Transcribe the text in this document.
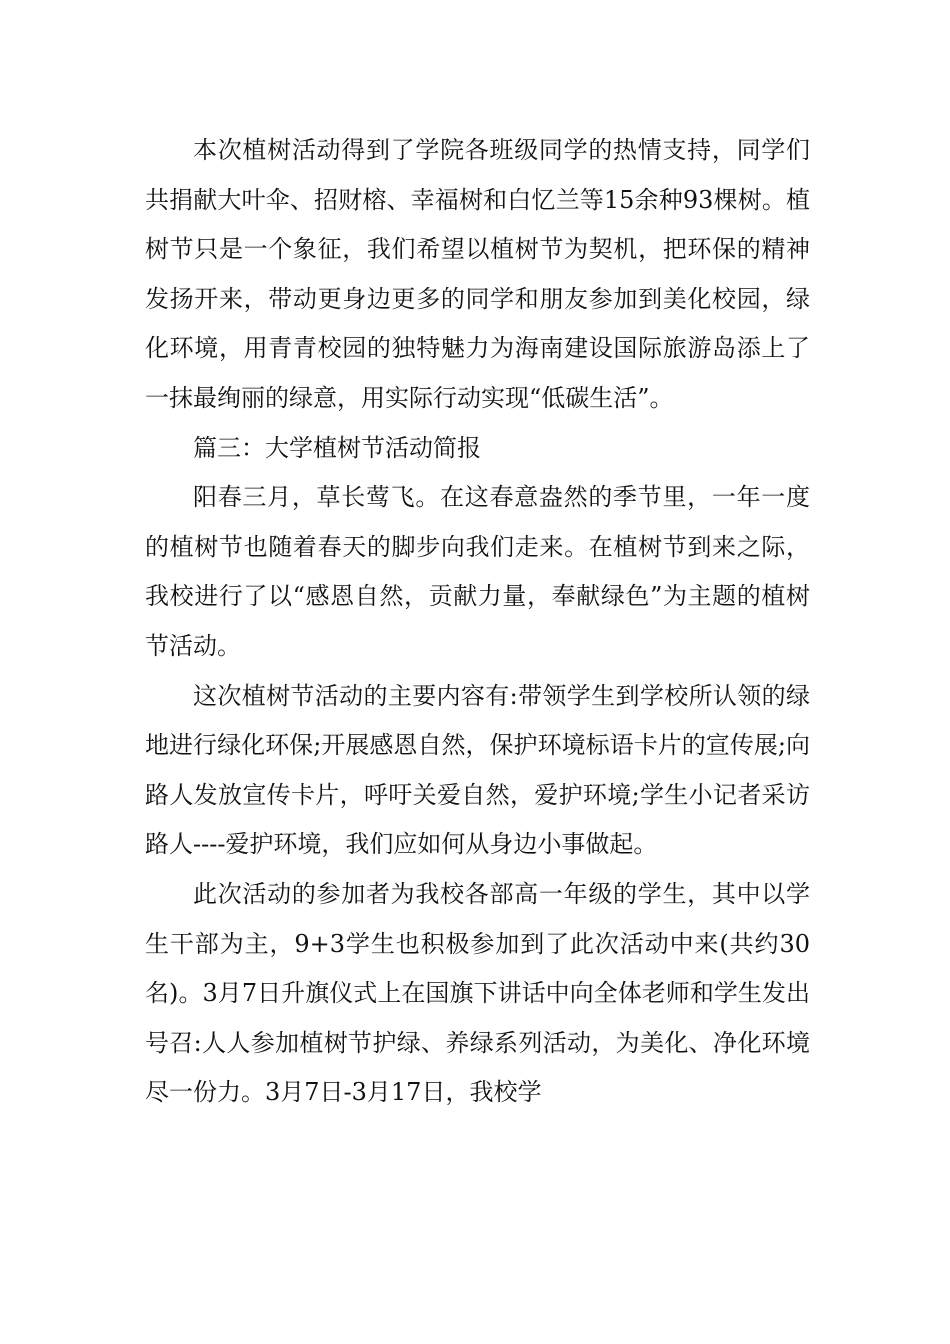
本次植树活动得到了学院各班级同学的热情支持，同学们共捐献大叶伞、招财榕、幸福树和白忆兰等15余种93棵树。植树节只是一个象征，我们希望以植树节为契机，把环保的精神发扬开来，带动更身边更多的同学和朋友参加到美化校园，绿化环境，用青青校园的独特魅力为海南建设国际旅游岛添上了一抹最绚丽的绿意，用实际行动实现“低碳生活”。

篇三：大学植树节活动简报

阳春三月，草长莺飞。在这春意盎然的季节里，一年一度的植树节也随着春天的脚步向我们走来。在植树节到来之际，我校进行了以“感恩自然，贡献力量，奉献绿色”为主题的植树节活动。

这次植树节活动的主要内容有:带领学生到学校所认领的绿地进行绿化环保;开展感恩自然，保护环境标语卡片的宣传展;向路人发放宣传卡片，呼吁关爱自然，爱护环境;学生小记者采访路人----爱护环境，我们应如何从身边小事做起。

此次活动的参加者为我校各部高一年级的学生，其中以学生干部为主，9+3学生也积极参加到了此次活动中来(共约30名)。3月7日升旗仪式上在国旗下讲话中向全体老师和学生发出号召:人人参加植树节护绿、养绿系列活动，为美化、净化环境尽一份力。3月7日-3月17日，我校学
